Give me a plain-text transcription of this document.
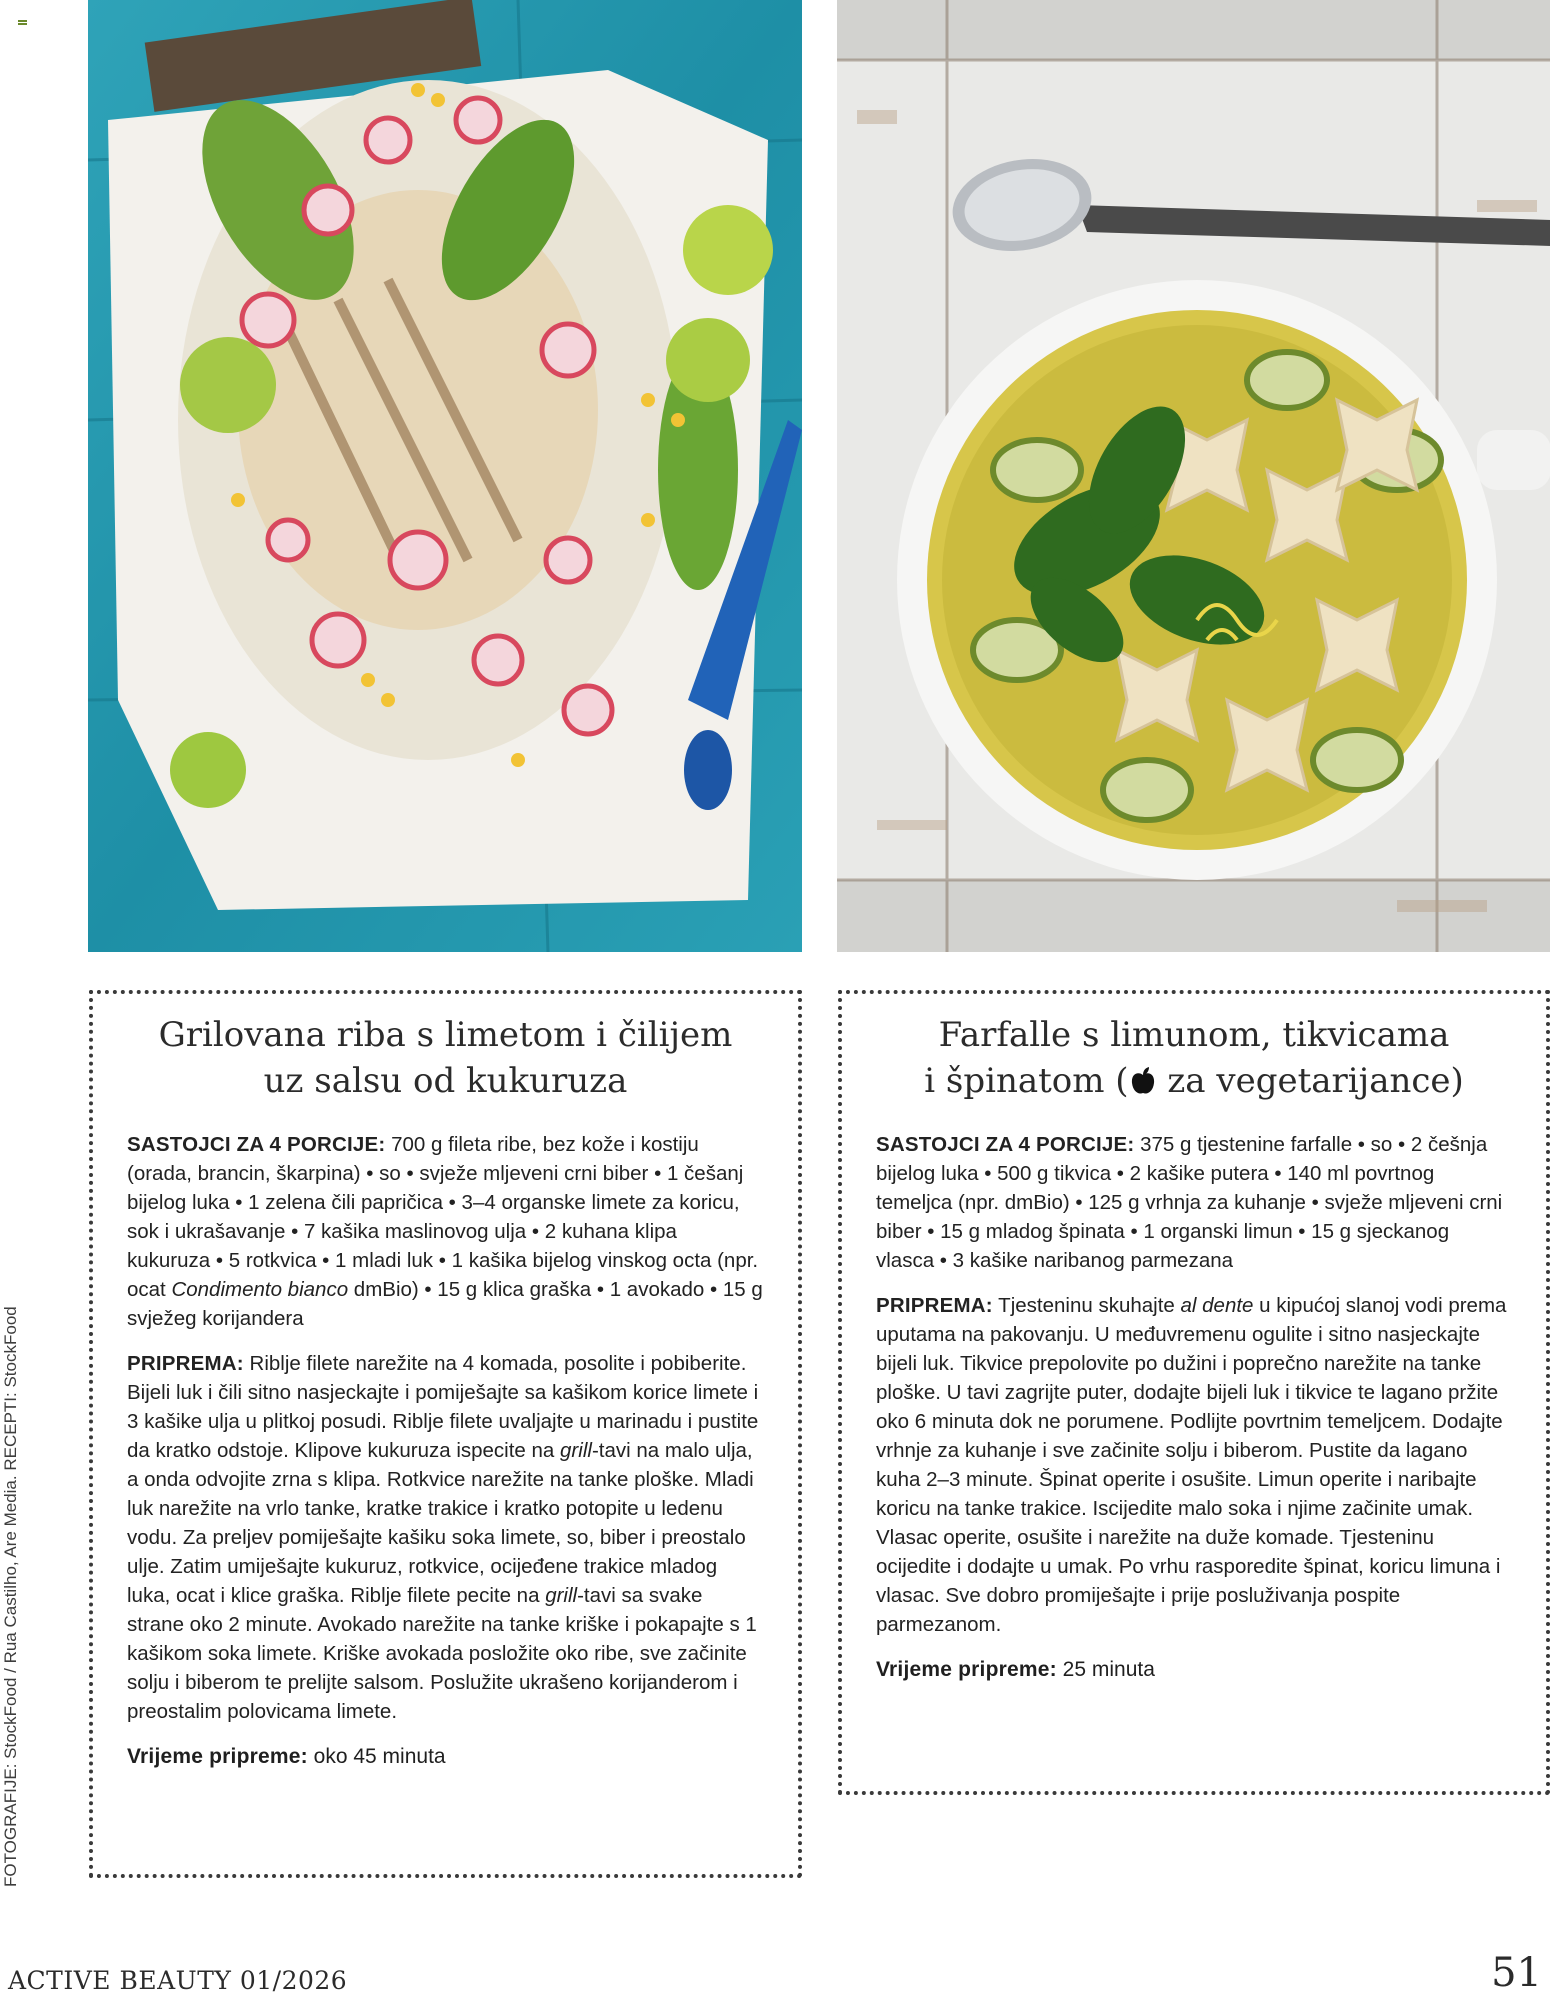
FOTOGRAFIJE: StockFood / Rua Castilho, Are Media. RECEPTI: StockFood
Grilovana riba s limetom i čilijem
uz salsu od kukuruza

SASTOJCI ZA 4 PORCIJE: 700 g fileta ribe, bez kože i kostiju (orada, brancin, škarpina) • so • svježe mljeveni crni biber • 1 češanj bijelog luka • 1 zelena čili papričica • 3–4 organske limete za koricu, sok i ukrašavanje • 7 kašika maslinovog ulja • 2 kuhana klipa kukuruza • 5 rotkvica • 1 mladi luk • 1 kašika bijelog vinskog octa (npr. ocat Condimento bianco dmBio) • 15 g klica graška • 1 avokado • 15 g svježeg korijandera

PRIPREMA: Riblje filete narežite na 4 komada, posolite i pobiberite. Bijeli luk i čili sitno nasjeckajte i pomiješajte sa kašikom korice limete i 3 kašike ulja u plitkoj posudi. Riblje filete uvaljajte u marinadu i pustite da kratko odstoje. Klipove kukuruza ispecite na grill-tavi na malo ulja, a onda odvojite zrna s klipa. Rotkvice narežite na tanke ploške. Mladi luk narežite na vrlo tanke, kratke trakice i kratko potopite u ledenu vodu. Za preljev pomiješajte kašiku soka limete, so, biber i preostalo ulje. Zatim umiješajte kukuruz, rotkvice, ocijeđene trakice mladog luka, ocat i klice graška. Riblje filete pecite na grill-tavi sa svake strane oko 2 minute. Avokado narežite na tanke kriške i pokapajte s 1 kašikom soka limete. Kriške avokada posložite oko ribe, sve začinite solju i biberom te prelijte salsom. Poslužite ukrašeno korijanderom i preostalim polovicama limete.

Vrijeme pripreme: oko 45 minuta

Farfalle s limunom, tikvicama
i špinatom ( za vegetarijance)

SASTOJCI ZA 4 PORCIJE: 375 g tjestenine farfalle • so • 2 češnja bijelog luka • 500 g tikvica • 2 kašike putera • 140 ml povrtnog temeljca (npr. dmBio) • 125 g vrhnja za kuhanje • svježe mljeveni crni biber • 15 g mladog špinata • 1 organski limun • 15 g sjeckanog vlasca • 3 kašike naribanog parmezana

PRIPREMA: Tjesteninu skuhajte al dente u kipućoj slanoj vodi prema uputama na pakovanju. U međuvremenu ogulite i sitno nasjeckajte bijeli luk. Tikvice prepolovite po dužini i poprečno narežite na tanke ploške. U tavi zagrijte puter, dodajte bijeli luk i tikvice te lagano pržite oko 6 minuta dok ne porumene. Podlijte povrtnim temeljcem. Dodajte vrhnje za kuhanje i sve začinite solju i biberom. Pustite da lagano kuha 2–3 minute. Špinat operite i osušite. Limun operite i naribajte koricu na tanke trakice. Iscijedite malo soka i njime začinite umak. Vlasac operite, osušite i narežite na duže komade. Tjesteninu ocijedite i dodajte u umak. Po vrhu rasporedite špinat, koricu limuna i vlasac. Sve dobro promiješajte i prije posluživanja pospite parmezanom.

Vrijeme pripreme: 25 minuta

ACTIVE BEAUTY 01/2026	51
